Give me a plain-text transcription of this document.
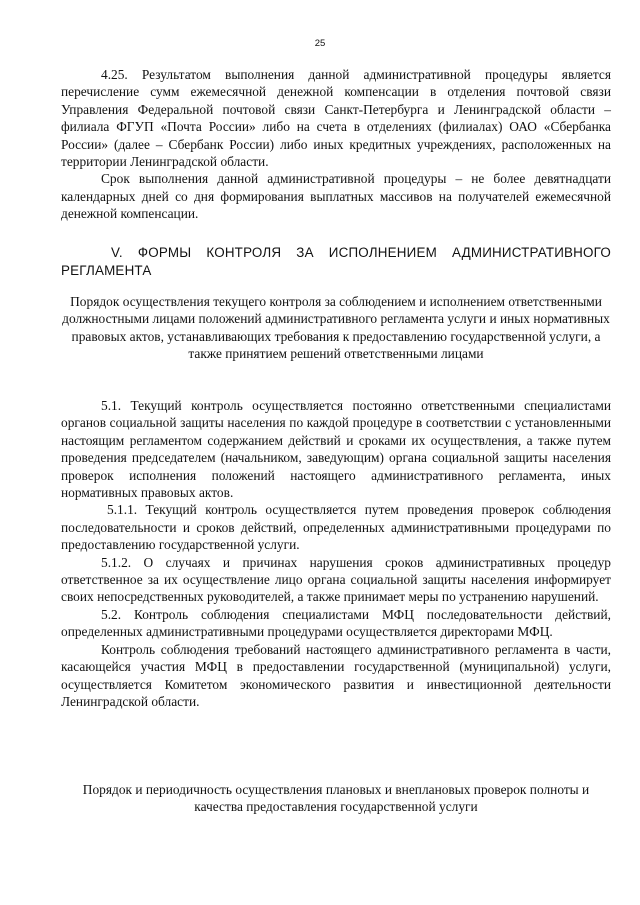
25

4.25. Результатом выполнения данной административной процедуры является перечисление сумм ежемесячной денежной компенсации в отделения почтовой связи Управления Федеральной почтовой связи Санкт-Петербурга и Ленинградской области – филиала ФГУП «Почта России» либо на счета в отделениях (филиалах) ОАО «Сбербанка России» (далее – Сбербанк России) либо иных кредитных учреждениях, расположенных на территории Ленинградской области.

Срок выполнения данной административной процедуры – не более девятнадцати календарных дней со дня формирования выплатных массивов на получателей ежемесячной денежной компенсации.

V. ФОРМЫ КОНТРОЛЯ ЗА ИСПОЛНЕНИЕМ АДМИНИСТРАТИВНОГО РЕГЛАМЕНТА

Порядок осуществления текущего контроля за соблюдением и исполнением ответственными должностными лицами положений административного регламента услуги и иных нормативных правовых актов, устанавливающих требования к предоставлению государственной услуги, а также принятием решений ответственными лицами

5.1. Текущий контроль осуществляется постоянно ответственными специалистами органов социальной защиты населения по каждой процедуре в соответствии с установленными настоящим регламентом содержанием действий и сроками их осуществления, а также путем проведения председателем (начальником, заведующим) органа социальной защиты населения проверок исполнения положений настоящего административного регламента, иных нормативных правовых актов.

5.1.1. Текущий контроль осуществляется путем проведения проверок соблюдения последовательности и сроков действий, определенных административными процедурами по предоставлению государственной услуги.

5.1.2. О случаях и причинах нарушения сроков административных процедур ответственное за их осуществление лицо органа социальной защиты населения информирует своих непосредственных руководителей, а также принимает меры по устранению нарушений.

5.2. Контроль соблюдения специалистами МФЦ последовательности действий, определенных административными процедурами осуществляется директорами МФЦ.

Контроль соблюдения требований настоящего административного регламента в части, касающейся участия МФЦ в предоставлении государственной (муниципальной) услуги, осуществляется Комитетом экономического развития и инвестиционной деятельности Ленинградской области.

Порядок и периодичность осуществления плановых и внеплановых проверок полноты и качества предоставления государственной услуги
